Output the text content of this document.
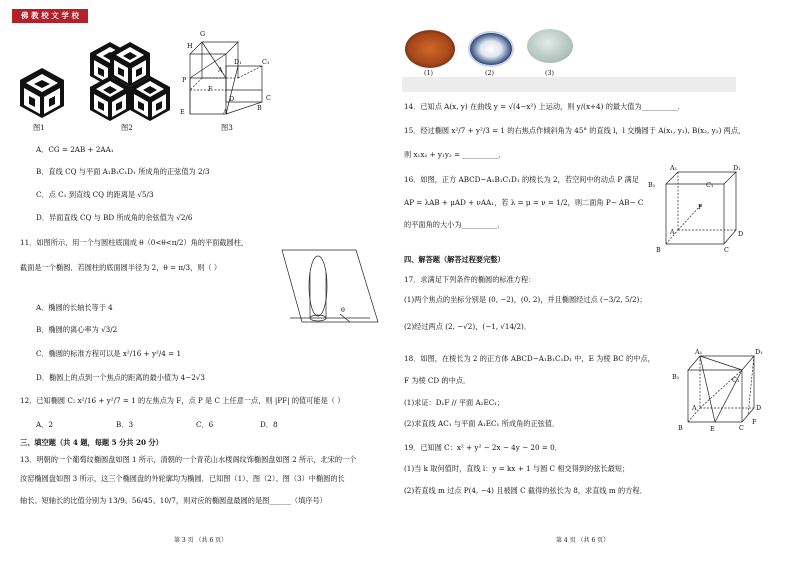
佛 教 校 文 学 校
图1	图2
G
H
P
E
A
D₁	C₁
F
D	C
A	B
图3
A．CG = 2AB + 2AA₁
B．直线 CQ 与平面 A₁B₁C₁D₁ 所成角的正弦值为 2/3
C．点 C₁ 到直线 CQ 的距离是 √5/3
D．异面直线 CQ 与 BD 所成角的余弦值为 √2/6
11．如图所示，用一个与圆柱底面成 θ（0<θ<π/2）角的平面截圆柱，
截面是一个椭圆．若圆柱的底面圆半径为 2，θ = π/3，则（ ）
A．椭圆的长轴长等于 4
B．椭圆的离心率为 √3/2
C．椭圆的标准方程可以是 x²/16 + y²/4 = 1
D．椭圆上的点到一个焦点的距离的最小值为 4−2√3
θ
12．已知椭圆 C: x²/16 + y²/7 = 1 的左焦点为 F，点 P 是 C 上任意一点，则 |PF| 的值可能是（ ）
A．2	B．3	C．6	D．8
三、填空题（共 4 题，每题 5 分共 20 分）
13．明朝的一个葡萄纹椭圆盘如图 1 所示，清朝的一个青花山水楼阁纹饰椭圆盘如图 2 所示，北宋的一个
汝窑椭圆盘如图 3 所示，这三个椭圆盘的外轮廓均为椭圆．已知图（1）、图（2）、图（3）中椭圆的长
轴长、短轴长的比值分别为 13/9、56/45、10/7，则对应的椭圆盘最圆的是图______（填序号）
第 3 页 （共 6 页）
(1)	(2)	(3)
14．已知点 A(x, y) 在曲线 y = √(4−x²) 上运动，则 y/(x+4) 的最大值为__________．
15．经过椭圆 x²/7 + y²/3 = 1 的右焦点作倾斜角为 45° 的直线 l，l 交椭圆于 A(x₁, y₁), B(x₂, y₂) 两点，
则 x₁x₂ + y₁y₂ = __________．
16．如图，正方 ABCD−A₁B₁C₁D₁ 的棱长为 2，若空间中的动点 P 满足
AP = λAB + μAD + νAA₁，若 λ = μ = ν = 1/2，则二面角 P− AB− C
的平面角的大小为__________．
A₁	D₁
B₁	C₁
P
A	D
B	C
四、解答题（解答过程要完整）
17．求满足下列条件的椭圆的标准方程：
(1)两个焦点的坐标分别是 (0, −2)，(0, 2)，并且椭圆经过点 (−3/2, 5/2)；
(2)经过两点 (2, −√2)，(−1, √14/2)．
18．如图，在棱长为 2 的正方体 ABCD−A₁B₁C₁D₁ 中，E 为棱 BC 的中点，
F 为棱 CD 的中点．
(1)求证：D₁F // 平面 A₁EC₁；
(2)求直线 AC₁ 与平面 A₁EC₁ 所成角的正弦值．
A₁	D₁
B₁	C₁
A	D
B	E	C
F
19．已知圆 C：x² + y² − 2x − 4y − 20 = 0．
(1)当 k 取何值时，直线 l：y = kx + 1 与圆 C 相交得到的弦长最短；
(2)若直线 m 过点 P(4, −4) 且被圆 C 截得的弦长为 8，求直线 m 的方程．
第 4 页 （共 6 页）
